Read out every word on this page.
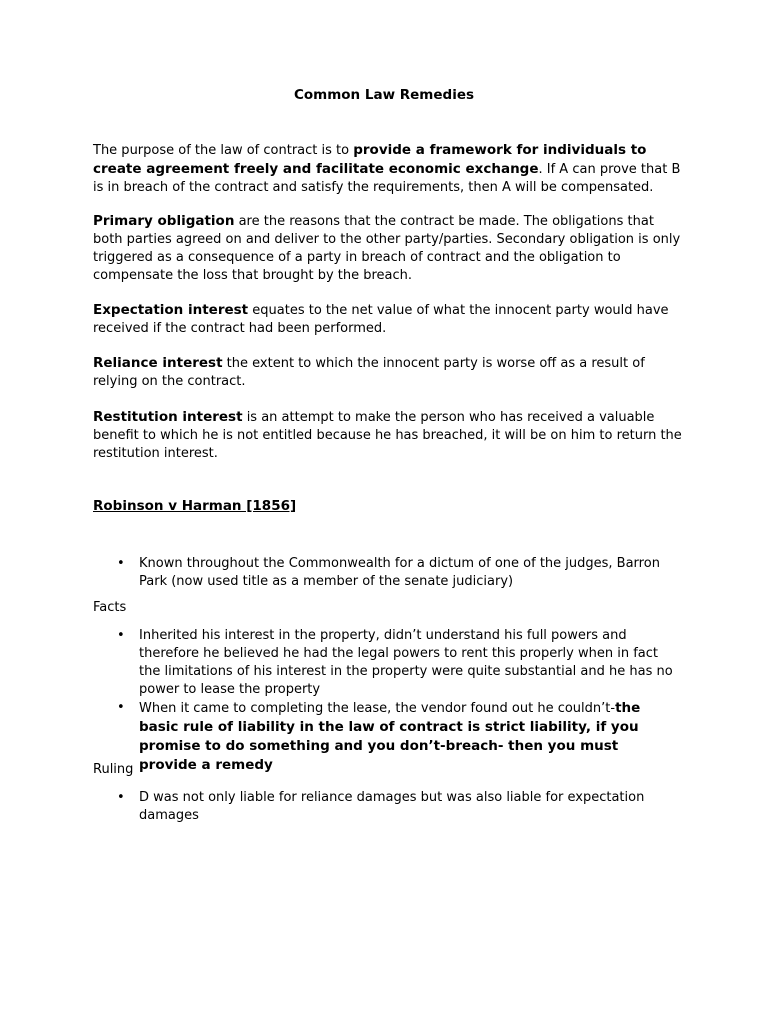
Common Law Remedies

The purpose of the law of contract is to provide a framework for individuals to create agreement freely and facilitate economic exchange. If A can prove that B is in breach of the contract and satisfy the requirements, then A will be compensated.

Primary obligation are the reasons that the contract be made. The obligations that both parties agreed on and deliver to the other party/parties. Secondary obligation is only triggered as a consequence of a party in breach of contract and the obligation to compensate the loss that brought by the breach.

Expectation interest equates to the net value of what the innocent party would have received if the contract had been performed.

Reliance interest the extent to which the innocent party is worse off as a result of relying on the contract.

Restitution interest is an attempt to make the person who has received a valuable benefit to which he is not entitled because he has breached, it will be on him to return the restitution interest.

Robinson v Harman [1856]
• Known throughout the Commonwealth for a dictum of one of the judges, Barron Park (now used title as a member of the senate judiciary)
Facts
• Inherited his interest in the property, didn’t understand his full powers and therefore he believed he had the legal powers to rent this properly when in fact the limitations of his interest in the property were quite substantial and he has no power to lease the property
• When it came to completing the lease, the vendor found out he couldn’t-the basic rule of liability in the law of contract is strict liability, if you promise to do something and you don’t-breach- then you must provide a remedy
Ruling
• D was not only liable for reliance damages but was also liable for expectation damages
